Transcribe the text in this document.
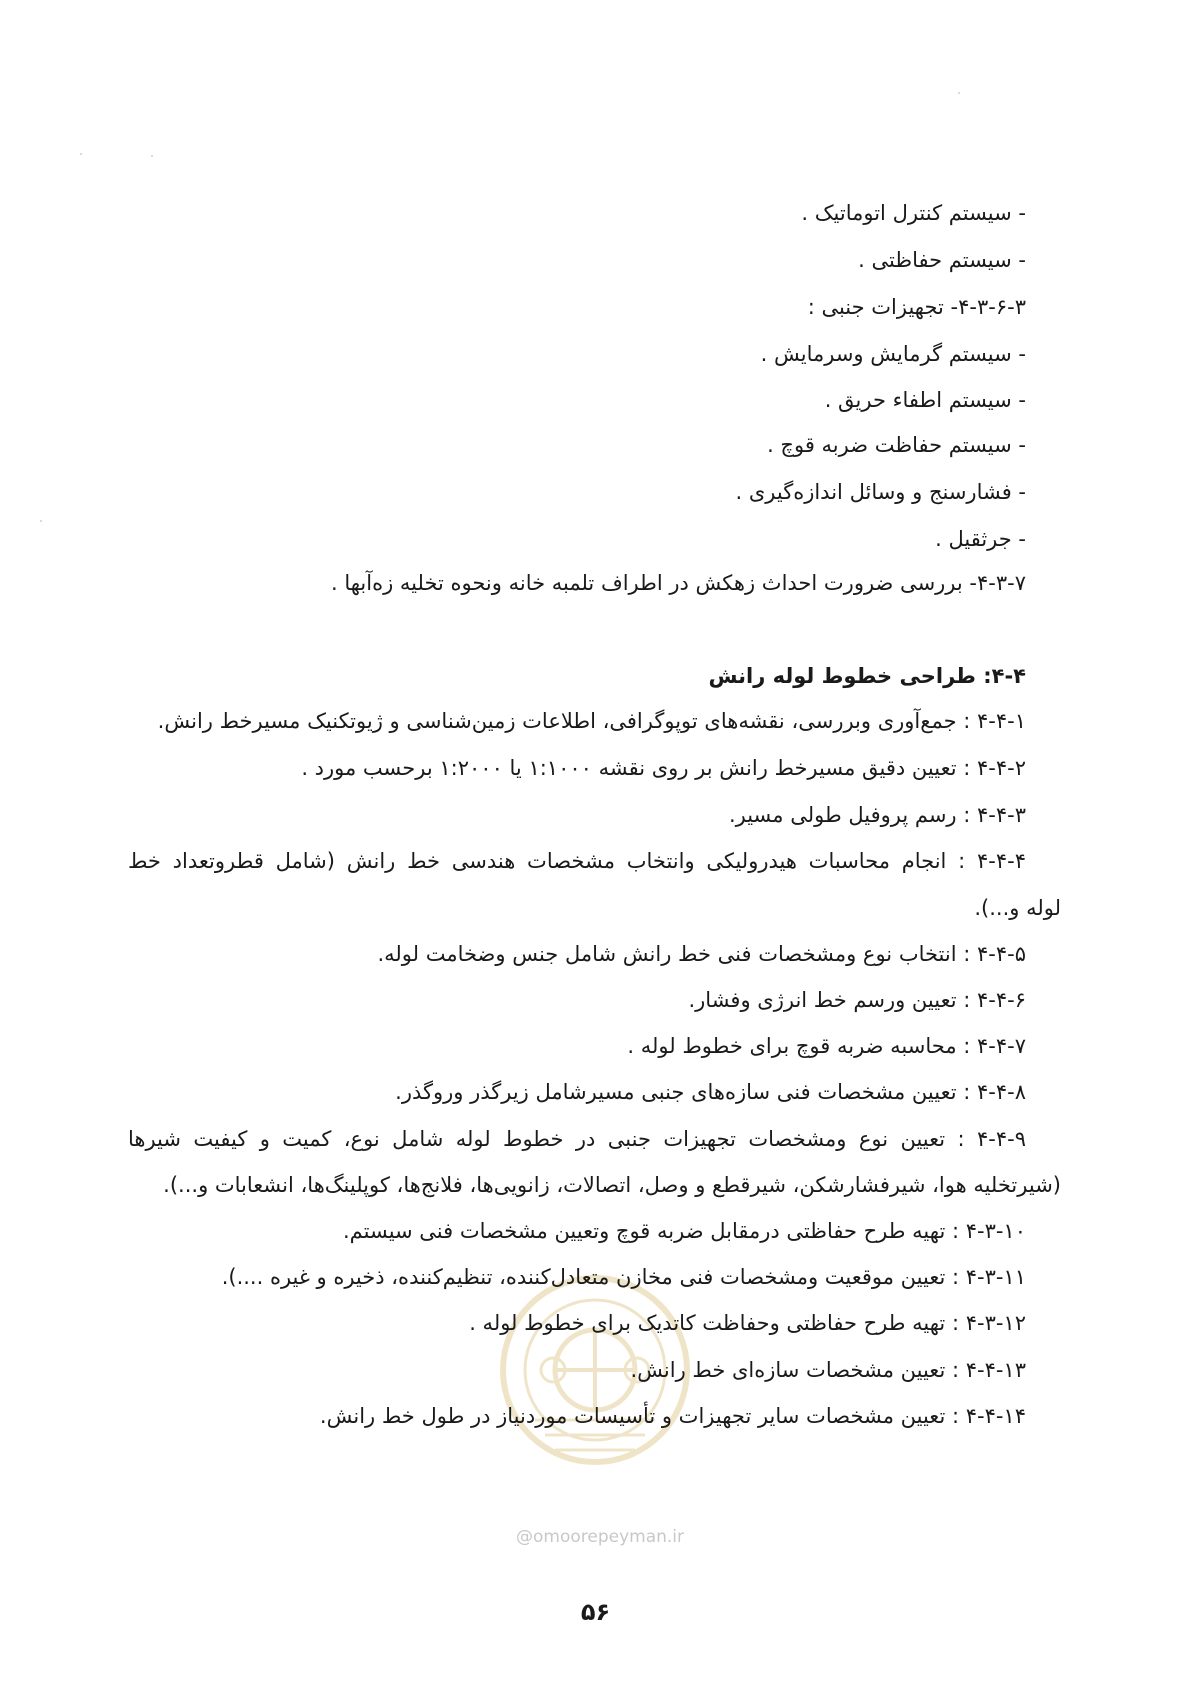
- سیستم کنترل اتوماتیک .
- سیستم حفاظتی .
۴-۳-۶-۳- تجهیزات جنبی :
- سیستم گرمایش وسرمایش .
- سیستم اطفاء حریق .
- سیستم حفاظت ضربه قوچ .
- فشارسنج و وسائل اندازه‌گیری .
- جرثقیل .
۴-۳-۷- بررسی ضرورت احداث زهکش در اطراف تلمبه خانه ونحوه تخلیه زه‌آبها .
۴-۴: طراحی خطوط لوله رانش
۴-۴-۱ : جمع‌آوری وبررسی، نقشه‌های توپوگرافی، اطلاعات زمین‌شناسی و ژیوتکنیک مسیرخط رانش.
۴-۴-۲ : تعیین دقیق مسیرخط رانش بر روی نقشه ۱:۱۰۰۰ یا ۱:۲۰۰۰ برحسب مورد .
۴-۴-۳ : رسم پروفیل طولی مسیر.
۴-۴-۴ : انجام محاسبات هیدرولیکی وانتخاب مشخصات هندسی خط رانش (شامل قطروتعداد خط
لوله و...).
۴-۴-۵ : انتخاب نوع ومشخصات فنی خط رانش شامل جنس وضخامت لوله.
۴-۴-۶ : تعیین ورسم خط انرژی وفشار.
۴-۴-۷ : محاسبه ضربه قوچ برای خطوط لوله .
۴-۴-۸ : تعیین مشخصات فنی سازه‌های جنبی مسیرشامل زیرگذر وروگذر.
۴-۴-۹ : تعیین نوع ومشخصات تجهیزات جنبی در خطوط لوله شامل نوع، کمیت و کیفیت شیرها
(شیرتخلیه هوا، شیرفشارشکن، شیرقطع و وصل، اتصالات، زانویی‌ها، فلانج‌ها، کوپلینگ‌ها، انشعابات و...).
۴-۳-۱۰ : تهیه طرح حفاظتی درمقابل ضربه قوچ وتعیین مشخصات فنی سیستم.
۴-۳-۱۱ : تعیین موقعیت ومشخصات فنی مخازن متعادل‌کننده، تنظیم‌کننده، ذخیره و غیره ....).
۴-۳-۱۲ : تهیه طرح حفاظتی وحفاظت کاتدیک برای خطوط لوله .
۴-۴-۱۳ : تعیین مشخصات سازه‌ای خط رانش.
۴-۴-۱۴ : تعیین مشخصات سایر تجهیزات و تأسیسات موردنیاز در طول خط رانش.
@omoorepeyman.ir
۵۶
